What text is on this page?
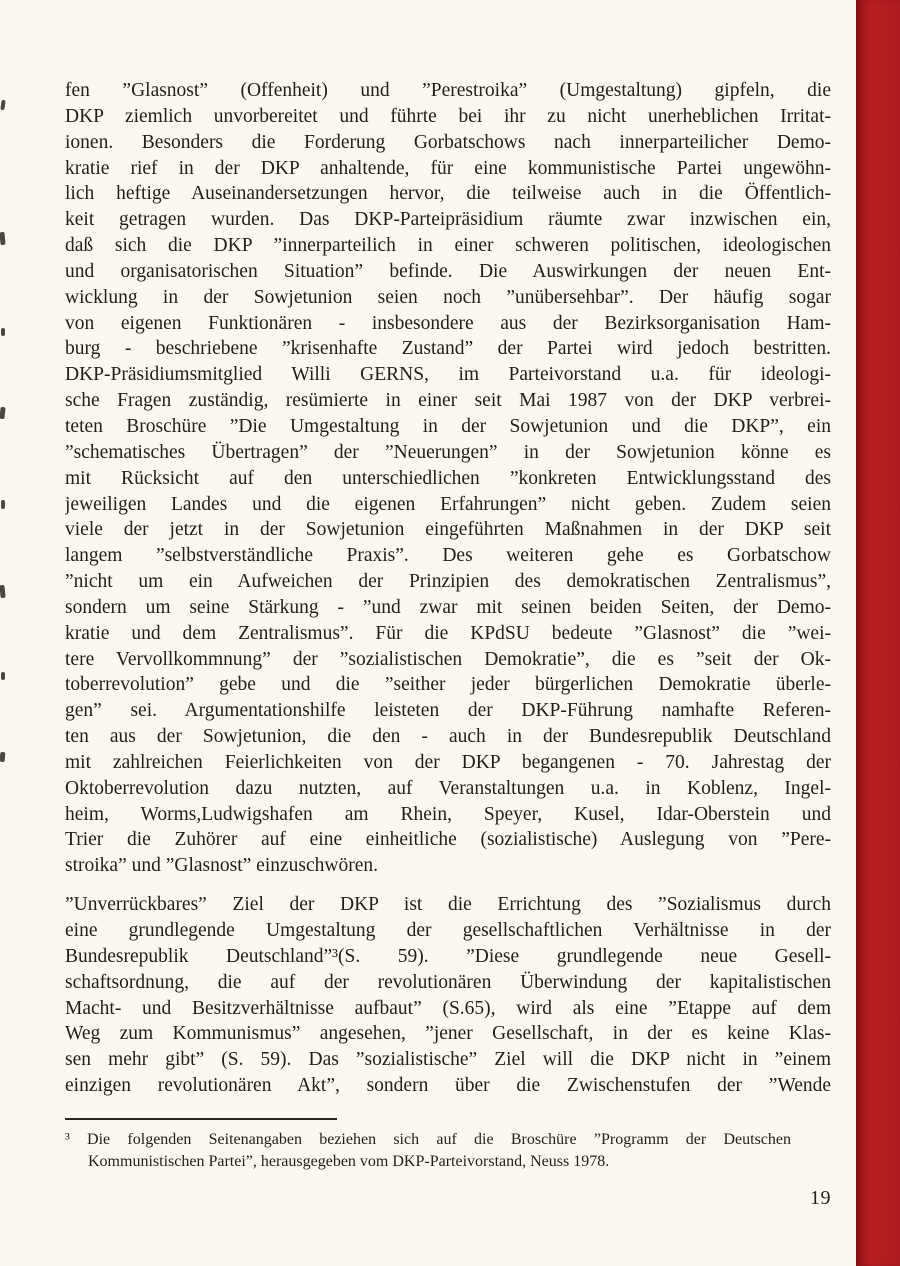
fen ”Glasnost” (Offenheit) und ”Perestroika” (Umgestaltung) gipfeln, die
DKP ziemlich unvorbereitet und führte bei ihr zu nicht unerheblichen Irritat-
ionen. Besonders die Forderung Gorbatschows nach innerparteilicher Demo-
kratie rief in der DKP anhaltende, für eine kommunistische Partei ungewöhn-
lich heftige Auseinandersetzungen hervor, die teilweise auch in die Öffentlich-
keit getragen wurden. Das DKP-Parteipräsidium räumte zwar inzwischen ein,
daß sich die DKP ”innerparteilich in einer schweren politischen, ideologischen
und organisatorischen Situation” befinde. Die Auswirkungen der neuen Ent-
wicklung in der Sowjetunion seien noch ”unübersehbar”. Der häufig sogar
von eigenen Funktionären - insbesondere aus der Bezirksorganisation Ham-
burg - beschriebene ”krisenhafte Zustand” der Partei wird jedoch bestritten.
DKP-Präsidiumsmitglied Willi GERNS, im Parteivorstand u.a. für ideologi-
sche Fragen zuständig, resümierte in einer seit Mai 1987 von der DKP verbrei-
teten Broschüre ”Die Umgestaltung in der Sowjetunion und die DKP”, ein
”schematisches Übertragen” der ”Neuerungen” in der Sowjetunion könne es
mit Rücksicht auf den unterschiedlichen ”konkreten Entwicklungsstand des
jeweiligen Landes und die eigenen Erfahrungen” nicht geben. Zudem seien
viele der jetzt in der Sowjetunion eingeführten Maßnahmen in der DKP seit
langem ”selbstverständliche Praxis”. Des weiteren gehe es Gorbatschow
”nicht um ein Aufweichen der Prinzipien des demokratischen Zentralismus”,
sondern um seine Stärkung - ”und zwar mit seinen beiden Seiten, der Demo-
kratie und dem Zentralismus”. Für die KPdSU bedeute ”Glasnost” die ”wei-
tere Vervollkommnung” der ”sozialistischen Demokratie”, die es ”seit der Ok-
toberrevolution” gebe und die ”seither jeder bürgerlichen Demokratie überle-
gen” sei. Argumentationshilfe leisteten der DKP-Führung namhafte Referen-
ten aus der Sowjetunion, die den - auch in der Bundesrepublik Deutschland
mit zahlreichen Feierlichkeiten von der DKP begangenen - 70. Jahrestag der
Oktoberrevolution dazu nutzten, auf Veranstaltungen u.a. in Koblenz, Ingel-
heim, Worms,Ludwigshafen am Rhein, Speyer, Kusel, Idar-Oberstein und
Trier die Zuhörer auf eine einheitliche (sozialistische) Auslegung von ”Pere-
stroika” und ”Glasnost” einzuschwören.
”Unverrückbares” Ziel der DKP ist die Errichtung des ”Sozialismus durch
eine grundlegende Umgestaltung der gesellschaftlichen Verhältnisse in der
Bundesrepublik Deutschland”³(S. 59). ”Diese grundlegende neue Gesell-
schaftsordnung, die auf der revolutionären Überwindung der kapitalistischen
Macht- und Besitzverhältnisse aufbaut” (S.65), wird als eine ”Etappe auf dem
Weg zum Kommunismus” angesehen, ”jener Gesellschaft, in der es keine Klas-
sen mehr gibt” (S. 59). Das ”sozialistische” Ziel will die DKP nicht in ”einem
einzigen revolutionären Akt”, sondern über die Zwischenstufen der ”Wende
³ Die folgenden Seitenangaben beziehen sich auf die Broschüre ”Programm der Deutschen
Kommunistischen Partei”, herausgegeben vom DKP-Parteivorstand, Neuss 1978.
19
